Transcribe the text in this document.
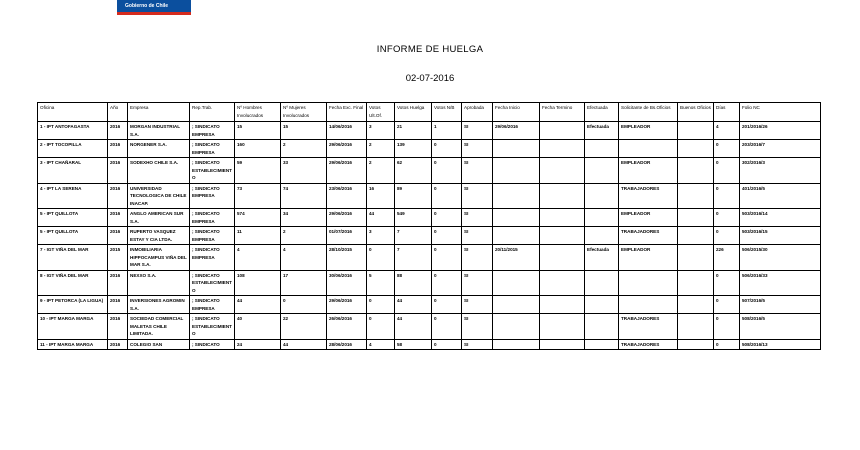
Gobierno de Chile
INFORME DE HUELGA
02-07-2016
Oficina	Año	Empresa	Rep.Trab.	Nº Hombres Involucrados	Nº Mujeres Involucrados	Fecha Exc. Final	Votos Ult.Of.	Votos Huelga	Votos N/B	Aprobada	Fecha Inicio	Fecha Termino	Efectuada	Solicitante de Bs.Oficios	Buenos Oficios	Días	Folio NC
1 - IPT ANTOFAGASTA	2016	MORGAN INDUSTRIAL S.A.	; SINDICATO EMPRESA	15	15	14/06/2016	3	21	1	SI	29/06/2016		Efectuada	EMPLEADOR		4	201/2016/26
2 - IPT TOCOPILLA	2016	NORGENER S.A.	; SINDICATO EMPRESA	160	2	29/06/2016	2	139	0	SI						0	203/2016/7
3 - IPT CHAÑARAL	2016	SODEXHO CHILE S.A.	; SINDICATO ESTABLECIMIENTO	59	33	29/06/2016	2	62	0	SI				EMPLEADOR		0	302/2016/3
4 - IPT LA SERENA	2016	UNIVERSIDAD TECNOLOGICA DE CHILE INACAP.	; SINDICATO EMPRESA	73	74	23/06/2016	16	89	0	SI				TRABAJADORES		0	401/2016/5
5 - IPT QUILLOTA	2016	ANGLO AMERICAN SUR S.A.	; SINDICATO EMPRESA	574	34	29/06/2016	44	549	0	SI				EMPLEADOR		0	503/2016/14
5 - IPT QUILLOTA	2016	RUPERTO VASQUEZ ESTAY Y CIA LTDA.	; SINDICATO EMPRESA	11	2	01/07/2016	3	7	0	SI				TRABAJADORES		0	503/2016/15
7 - IGT VIÑA DEL MAR	2015	INMOBILIARIA HIPPOCAMPUS VIÑA DEL MAR S.A.	; SINDICATO EMPRESA	4	4	28/10/2015	0	7	0	SI	20/11/2015		Efectuada	EMPLEADOR		226	506/2015/30
8 - IGT VIÑA DEL MAR	2016	NEXXO S.A.	; SINDICATO ESTABLECIMIENTO	108	17	30/06/2016	5	88	0	SI						0	506/2016/33
9 - IPT PETORCA (LA LIGUA)	2016	INVERSIONES AGROMIN S.A.	; SINDICATO EMPRESA	44	0	29/06/2016	0	44	0	SI						0	507/2016/5
10 - IPT MARGA MARGA	2016	SOCIEDAD COMERCIAL MALETAS CHILE LIMITADA.	; SINDICATO ESTABLECIMIENTO	40	22	26/06/2016	0	44	0	SI				TRABAJADORES		0	508/2016/5
11 - IPT MARGA MARGA	2016	COLEGIO SAN	; SINDICATO	24	44	28/06/2016	4	58	0	SI				TRABAJADORES		0	508/2016/13
